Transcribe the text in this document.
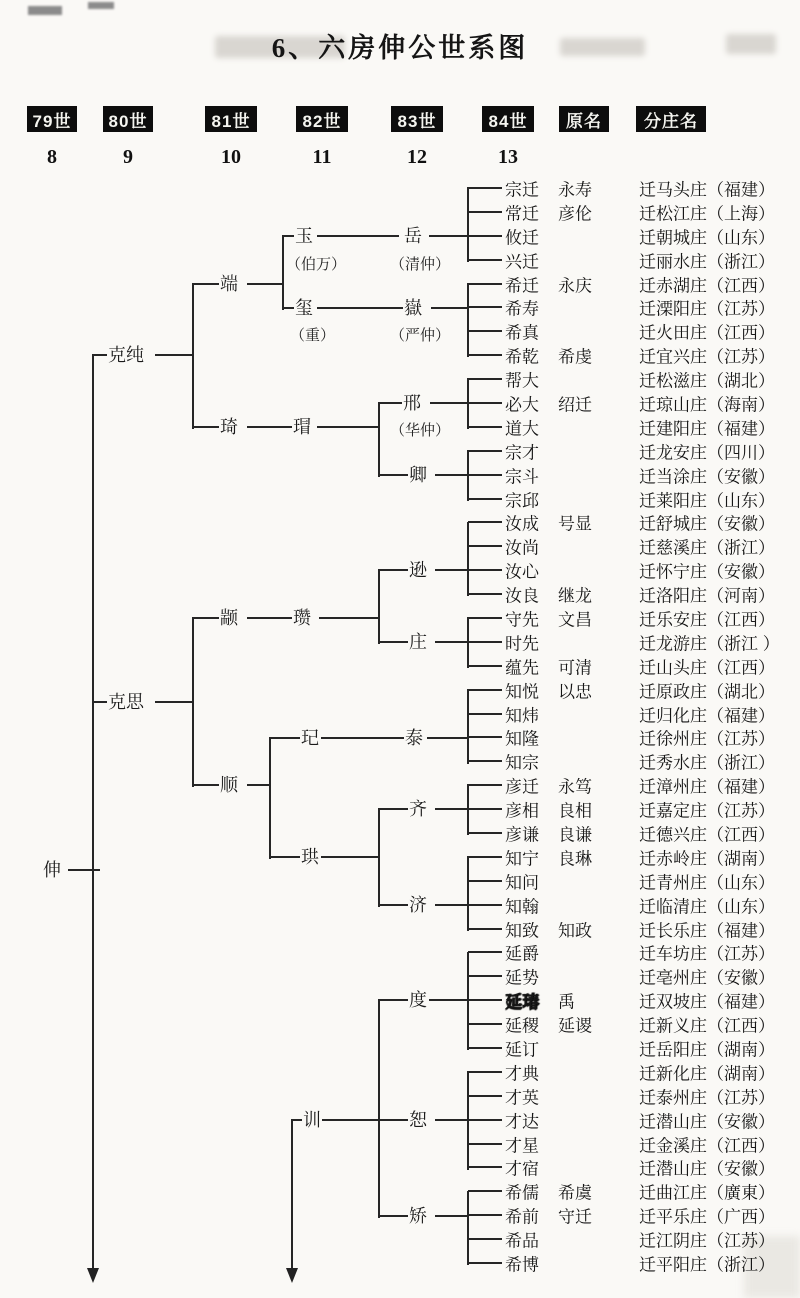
6、六房伸公世系图
79世
8
80世
9
81世
10
82世
11
83世
12
84世
13
原名	分庄名
伸
克纯
克思
端
琦
颛
顺
玉
（伯万）
玺
（重）
岳
（清仲）
嶽
（严仲）
瑁
邢
（华仲）
卿
瓒
逊
庄
玘	泰
珙
齐
济
训
度
恕
矫
宗迁 永寿	迁马头庄（福建）
常迁 彦伦	迁松江庄（上海）
攸迁	迁朝城庄（山东）
兴迁	迁丽水庄（浙江）
希迁 永庆	迁赤湖庄（江西）
希寿	迁溧阳庄（江苏）
希真	迁火田庄（江西）
希乾 希虔	迁宜兴庄（江苏）
帮大	迁松滋庄（湖北）
必大 绍迁	迁琼山庄（海南）
道大	迁建阳庄（福建）
宗才	迁龙安庄（四川）
宗斗	迁当涂庄（安徽）
宗邱	迁莱阳庄（山东）
汝成 号显	迁舒城庄（安徽）
汝尚	迁慈溪庄（浙江）
汝心	迁怀宁庄（安徽）
汝良 继龙	迁洛阳庄（河南）
守先 文昌	迁乐安庄（江西）
时先	迁龙游庄（浙江 ）
蕴先 可清	迁山头庄（江西）
知悦 以忠	迁原政庄（湖北）
知炜	迁归化庄（福建）
知隆	迁徐州庄（江苏）
知宗	迁秀水庄（浙江）
彦迁 永笃	迁漳州庄（福建）
彦相 良相	迁嘉定庄（江苏）
彦谦 良谦	迁德兴庄（江西）
知宁 良琳	迁赤岭庄（湖南）
知问	迁青州庄（山东）
知翰	迁临清庄（山东）
知致 知政	迁长乐庄（福建）
延爵	迁车坊庄（江苏）
延势	迁亳州庄（安徽）
延瑃 禹	迁双坡庄（福建）
延稷 延谡	迁新义庄（江西）
延订	迁岳阳庄（湖南）
才典	迁新化庄（湖南）
才英	迁泰州庄（江苏）
才达	迁潜山庄（安徽）
才星	迁金溪庄（江西）
才宿	迁潜山庄（安徽）
希儒 希虞	迁曲江庄（廣東）
希前 守迁	迁平乐庄（广西）
希品	迁江阴庄（江苏）
希博	迁平阳庄（浙江）
